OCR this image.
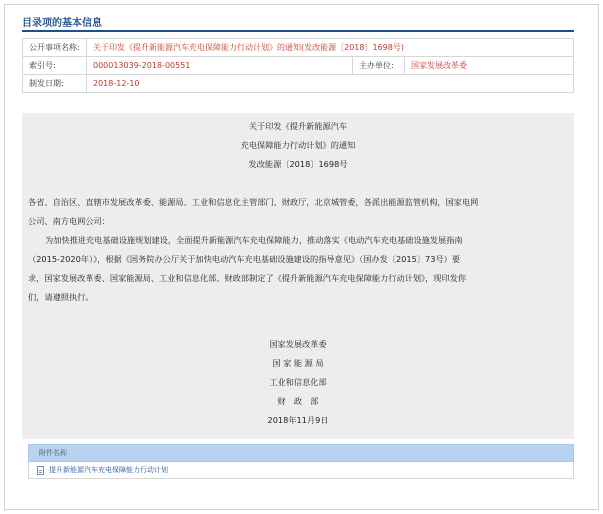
目录项的基本信息
公开事项名称:	关于印发《提升新能源汽车充电保障能力行动计划》的通知(发改能源〔2018〕1698号)		
索引号:	000013039-2018-00551	主办单位:	国家发展改革委
制发日期:	2018-12-10		
关于印发《提升新能源汽车
充电保障能力行动计划》的通知
发改能源〔2018〕1698号
各省、自治区、直辖市发展改革委、能源局、工业和信息化主管部门、财政厅，北京城管委，各派出能源监管机构，国家电网
公司、南方电网公司：
为加快推进充电基础设施规划建设，全面提升新能源汽车充电保障能力，推动落实《电动汽车充电基础设施发展指南
（2015-2020年）》，根据《国务院办公厅关于加快电动汽车充电基础设施建设的指导意见》（国办发〔2015〕73号）要
求，国家发展改革委、国家能源局、工业和信息化部、财政部制定了《提升新能源汽车充电保障能力行动计划》，现印发你
们，请遵照执行。
国家发展改革委
国 家 能 源 局
工业和信息化部
财　政　部
2018年11月9日
附件名称
提升新能源汽车充电保障能力行动计划
